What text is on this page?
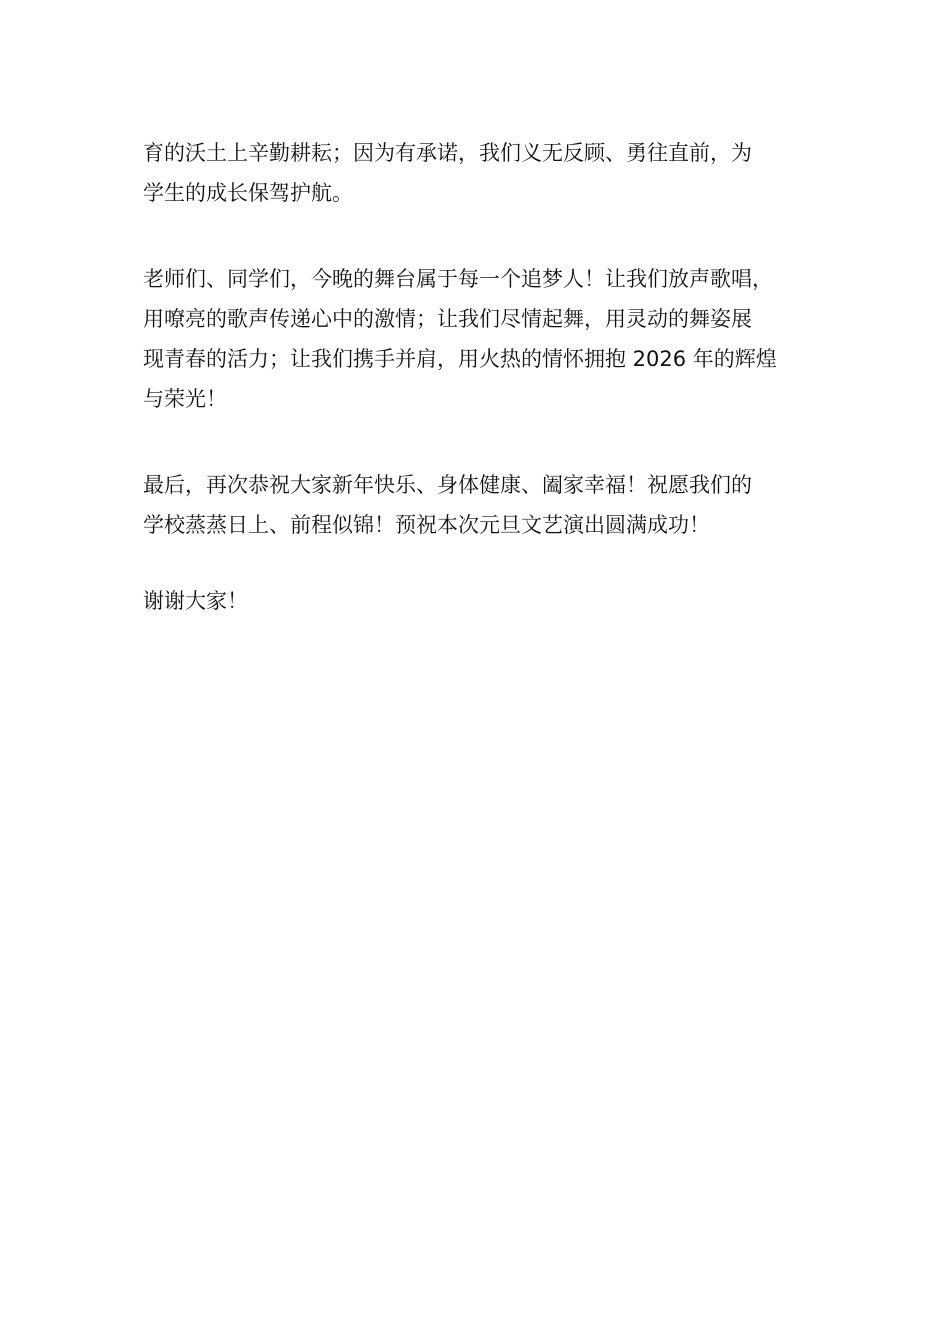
育的沃土上辛勤耕耘；因为有承诺，我们义无反顾、勇往直前，为
学生的成长保驾护航。

老师们、同学们，今晚的舞台属于每一个追梦人！让我们放声歌唱，
用嘹亮的歌声传递心中的激情；让我们尽情起舞，用灵动的舞姿展
现青春的活力；让我们携手并肩，用火热的情怀拥抱 2026 年的辉煌
与荣光！

最后，再次恭祝大家新年快乐、身体健康、阖家幸福！祝愿我们的
学校蒸蒸日上、前程似锦！预祝本次元旦文艺演出圆满成功！

谢谢大家！
